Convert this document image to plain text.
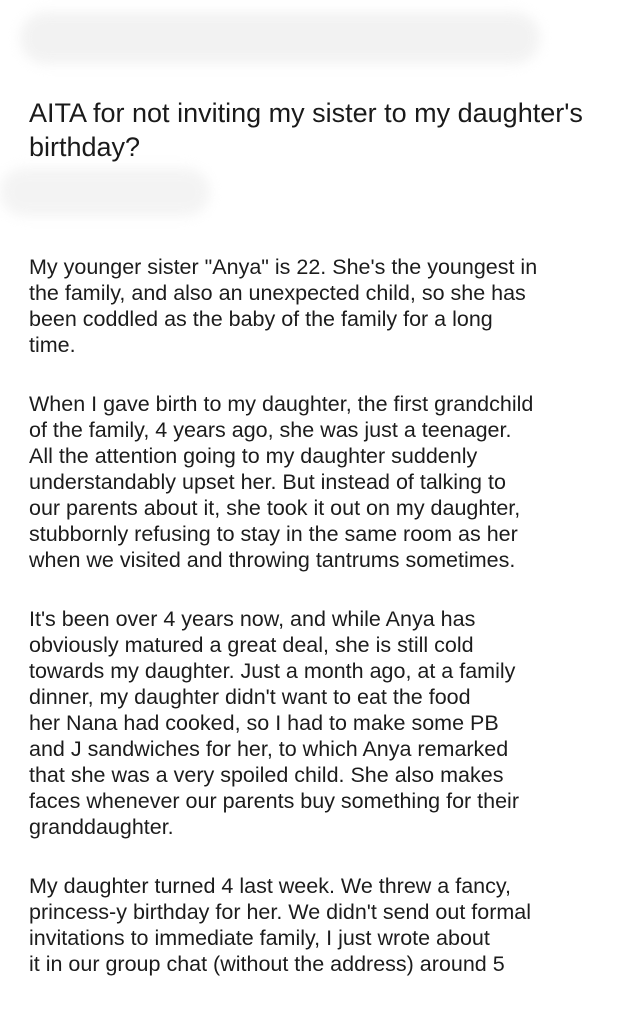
AITA for not inviting my sister to my daughter's birthday?

My younger sister "Anya" is 22. She's the youngest in
the family, and also an unexpected child, so she has
been coddled as the baby of the family for a long
time.

When I gave birth to my daughter, the first grandchild
of the family, 4 years ago, she was just a teenager.
All the attention going to my daughter suddenly
understandably upset her. But instead of talking to
our parents about it, she took it out on my daughter,
stubbornly refusing to stay in the same room as her
when we visited and throwing tantrums sometimes.

It's been over 4 years now, and while Anya has
obviously matured a great deal, she is still cold
towards my daughter. Just a month ago, at a family
dinner, my daughter didn't want to eat the food
her Nana had cooked, so I had to make some PB
and J sandwiches for her, to which Anya remarked
that she was a very spoiled child. She also makes
faces whenever our parents buy something for their
granddaughter.

My daughter turned 4 last week. We threw a fancy,
princess-y birthday for her. We didn't send out formal
invitations to immediate family, I just wrote about
it in our group chat (without the address) around 5
